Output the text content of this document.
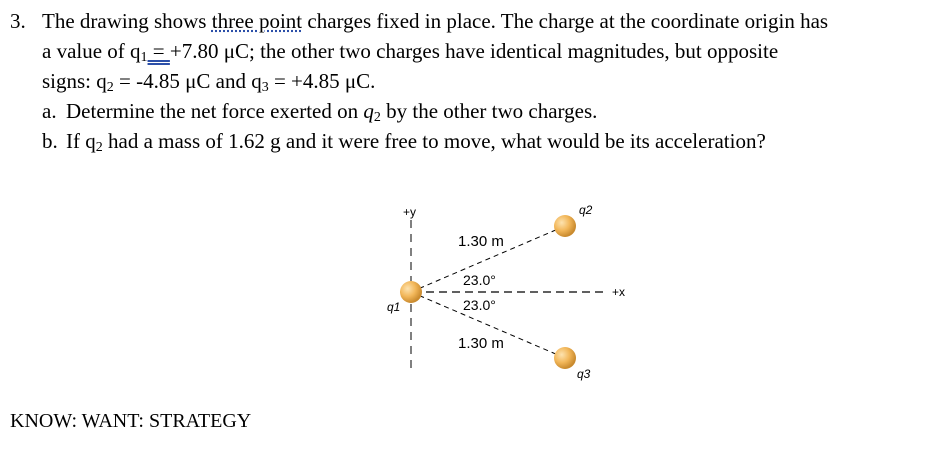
3. The drawing shows three point charges fixed in place. The charge at the coordinate origin has
a value of $q_1 = +7.80$ μC; the other two charges have identical magnitudes, but opposite
signs: $q_2 = -4.85$ μC and $q_3 = +4.85$ μC.
a. Determine the net force exerted on $q_2$ by the other two charges.
b. If $q_2$ had a mass of 1.62 g and it were free to move, what would be its acceleration?
+y
+x
1.30 m
23.0°
23.0°
1.30 m
q1
q2
q3
KNOW: WANT: STRATEGY
